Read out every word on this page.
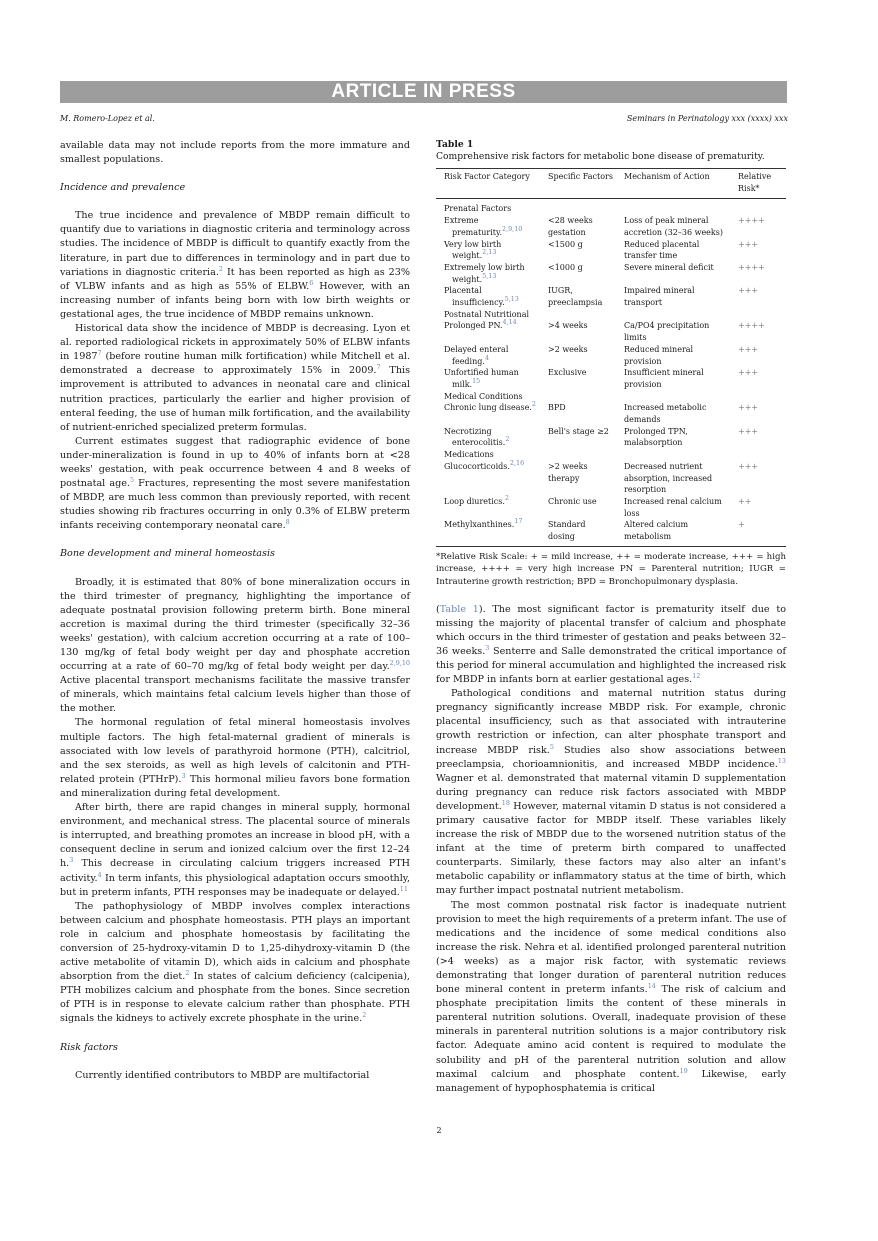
ARTICLE IN PRESS
M. Romero-Lopez et al.	Seminars in Perinatology xxx (xxxx) xxx

available data may not include reports from the more immature and smallest populations.

Incidence and prevalence

The true incidence and prevalence of MBDP remain difficult to quantify due to variations in diagnostic criteria and terminology across studies. The incidence of MBDP is difficult to quantify exactly from the literature, in part due to differences in terminology and in part due to variations in diagnostic criteria.$^2$ It has been reported as high as 23% of VLBW infants and as high as 55% of ELBW.$^6$ However, with an increasing number of infants being born with low birth weights or gestational ages, the true incidence of MBDP remains unknown.

Historical data show the incidence of MBDP is decreasing. Lyon et al. reported radiological rickets in approximately 50% of ELBW infants in 1987$^7$ (before routine human milk fortification) while Mitchell et al. demonstrated a decrease to approximately 15% in 2009.$^7$ This improvement is attributed to advances in neonatal care and clinical nutrition practices, particularly the earlier and higher provision of enteral feeding, the use of human milk fortification, and the availability of nutrient-enriched specialized preterm formulas.

Current estimates suggest that radiographic evidence of bone under-mineralization is found in up to 40% of infants born at <28 weeks' gestation, with peak occurrence between 4 and 8 weeks of postnatal age.$^5$ Fractures, representing the most severe manifestation of MBDP, are much less common than previously reported, with recent studies showing rib fractures occurring in only 0.3% of ELBW preterm infants receiving contemporary neonatal care.$^8$

Bone development and mineral homeostasis

Broadly, it is estimated that 80% of bone mineralization occurs in the third trimester of pregnancy, highlighting the importance of adequate postnatal provision following preterm birth. Bone mineral accretion is maximal during the third trimester (specifically 32–36 weeks' gestation), with calcium accretion occurring at a rate of 100–130 mg/kg of fetal body weight per day and phosphate accretion occurring at a rate of 60–70 mg/kg of fetal body weight per day.$^{2,9,10}$ Active placental transport mechanisms facilitate the massive transfer of minerals, which maintains fetal calcium levels higher than those of the mother.

The hormonal regulation of fetal mineral homeostasis involves multiple factors. The high fetal-maternal gradient of minerals is associated with low levels of parathyroid hormone (PTH), calcitriol, and the sex steroids, as well as high levels of calcitonin and PTH-related protein (PTHrP).$^3$ This hormonal milieu favors bone formation and mineralization during fetal development.

After birth, there are rapid changes in mineral supply, hormonal environment, and mechanical stress. The placental source of minerals is interrupted, and breathing promotes an increase in blood pH, with a consequent decline in serum and ionized calcium over the first 12–24 h.$^3$ This decrease in circulating calcium triggers increased PTH activity.$^4$ In term infants, this physiological adaptation occurs smoothly, but in preterm infants, PTH responses may be inadequate or delayed.$^{11}$

The pathophysiology of MBDP involves complex interactions between calcium and phosphate homeostasis. PTH plays an important role in calcium and phosphate homeostasis by facilitating the conversion of 25-hydroxy-vitamin D to 1,25-dihydroxy-vitamin D (the active metabolite of vitamin D), which aids in calcium and phosphate absorption from the diet.$^2$ In states of calcium deficiency (calcipenia), PTH mobilizes calcium and phosphate from the bones. Since secretion of PTH is in response to elevate calcium rather than phosphate. PTH signals the kidneys to actively excrete phosphate in the urine.$^2$

Risk factors

Currently identified contributors to MBDP are multifactorial

Table 1
Comprehensive risk factors for metabolic bone disease of prematurity.
Risk Factor Category	Specific Factors	Mechanism of Action	Relative Risk*
Prenatal Factors			

Extreme prematurity.$^{2,9,10}$	<28 weeks gestation	Loss of peak mineral accretion (32–36 weeks)	++++

Very low birth weight.$^{2,13}$	<1500 g	Reduced placental transfer time	+++

Extremely low birth weight.$^{5,13}$	<1000 g	Severe mineral deficit	++++

Placental insufficiency.$^{5,13}$	IUGR, preeclampsia	Impaired mineral transport	+++
Postnatal Nutritional			

Prolonged PN.$^{4,14}$	>4 weeks	Ca/PO4 precipitation limits	++++

Delayed enteral feeding.$^4$	>2 weeks	Reduced mineral provision	+++

Unfortified human milk.$^{15}$	Exclusive	Insufficient mineral provision	+++
Medical Conditions			

Chronic lung disease.$^2$	BPD	Increased metabolic demands	+++

Necrotizing enterocolitis.$^2$	Bell's stage ≥2	Prolonged TPN, malabsorption	+++
Medications			

Glucocorticoids.$^{2,16}$	>2 weeks therapy	Decreased nutrient absorption, increased resorption	+++

Loop diuretics.$^2$	Chronic use	Increased renal calcium loss	++

Methylxanthines.$^{17}$	Standard dosing	Altered calcium metabolism	+
*Relative Risk Scale: + = mild increase, ++ = moderate increase, +++ = high increase, ++++ = very high increase PN = Parenteral nutrition; IUGR = Intrauterine growth restriction; BPD = Bronchopulmonary dysplasia.

(Table 1). The most significant factor is prematurity itself due to missing the majority of placental transfer of calcium and phosphate which occurs in the third trimester of gestation and peaks between 32–36 weeks.$^3$ Senterre and Salle demonstrated the critical importance of this period for mineral accumulation and highlighted the increased risk for MBDP in infants born at earlier gestational ages.$^{12}$

Pathological conditions and maternal nutrition status during pregnancy significantly increase MBDP risk. For example, chronic placental insufficiency, such as that associated with intrauterine growth restriction or infection, can alter phosphate transport and increase MBDP risk.$^5$ Studies also show associations between preeclampsia, chorioamnionitis, and increased MBDP incidence.$^{13}$ Wagner et al. demonstrated that maternal vitamin D supplementation during pregnancy can reduce risk factors associated with MBDP development.$^{18}$ However, maternal vitamin D status is not considered a primary causative factor for MBDP itself. These variables likely increase the risk of MBDP due to the worsened nutrition status of the infant at the time of preterm birth compared to unaffected counterparts. Similarly, these factors may also alter an infant's metabolic capability or inflammatory status at the time of birth, which may further impact postnatal nutrient metabolism.

The most common postnatal risk factor is inadequate nutrient provision to meet the high requirements of a preterm infant. The use of medications and the incidence of some medical conditions also increase the risk. Nehra et al. identified prolonged parenteral nutrition (>4 weeks) as a major risk factor, with systematic reviews demonstrating that longer duration of parenteral nutrition reduces bone mineral content in preterm infants.$^{14}$ The risk of calcium and phosphate precipitation limits the content of these minerals in parenteral nutrition solutions. Overall, inadequate provision of these minerals in parenteral nutrition solutions is a major contributory risk factor. Adequate amino acid content is required to modulate the solubility and pH of the parenteral nutrition solution and allow maximal calcium and phosphate content.$^{19}$ Likewise, early management of hypophosphatemia is critical

2
